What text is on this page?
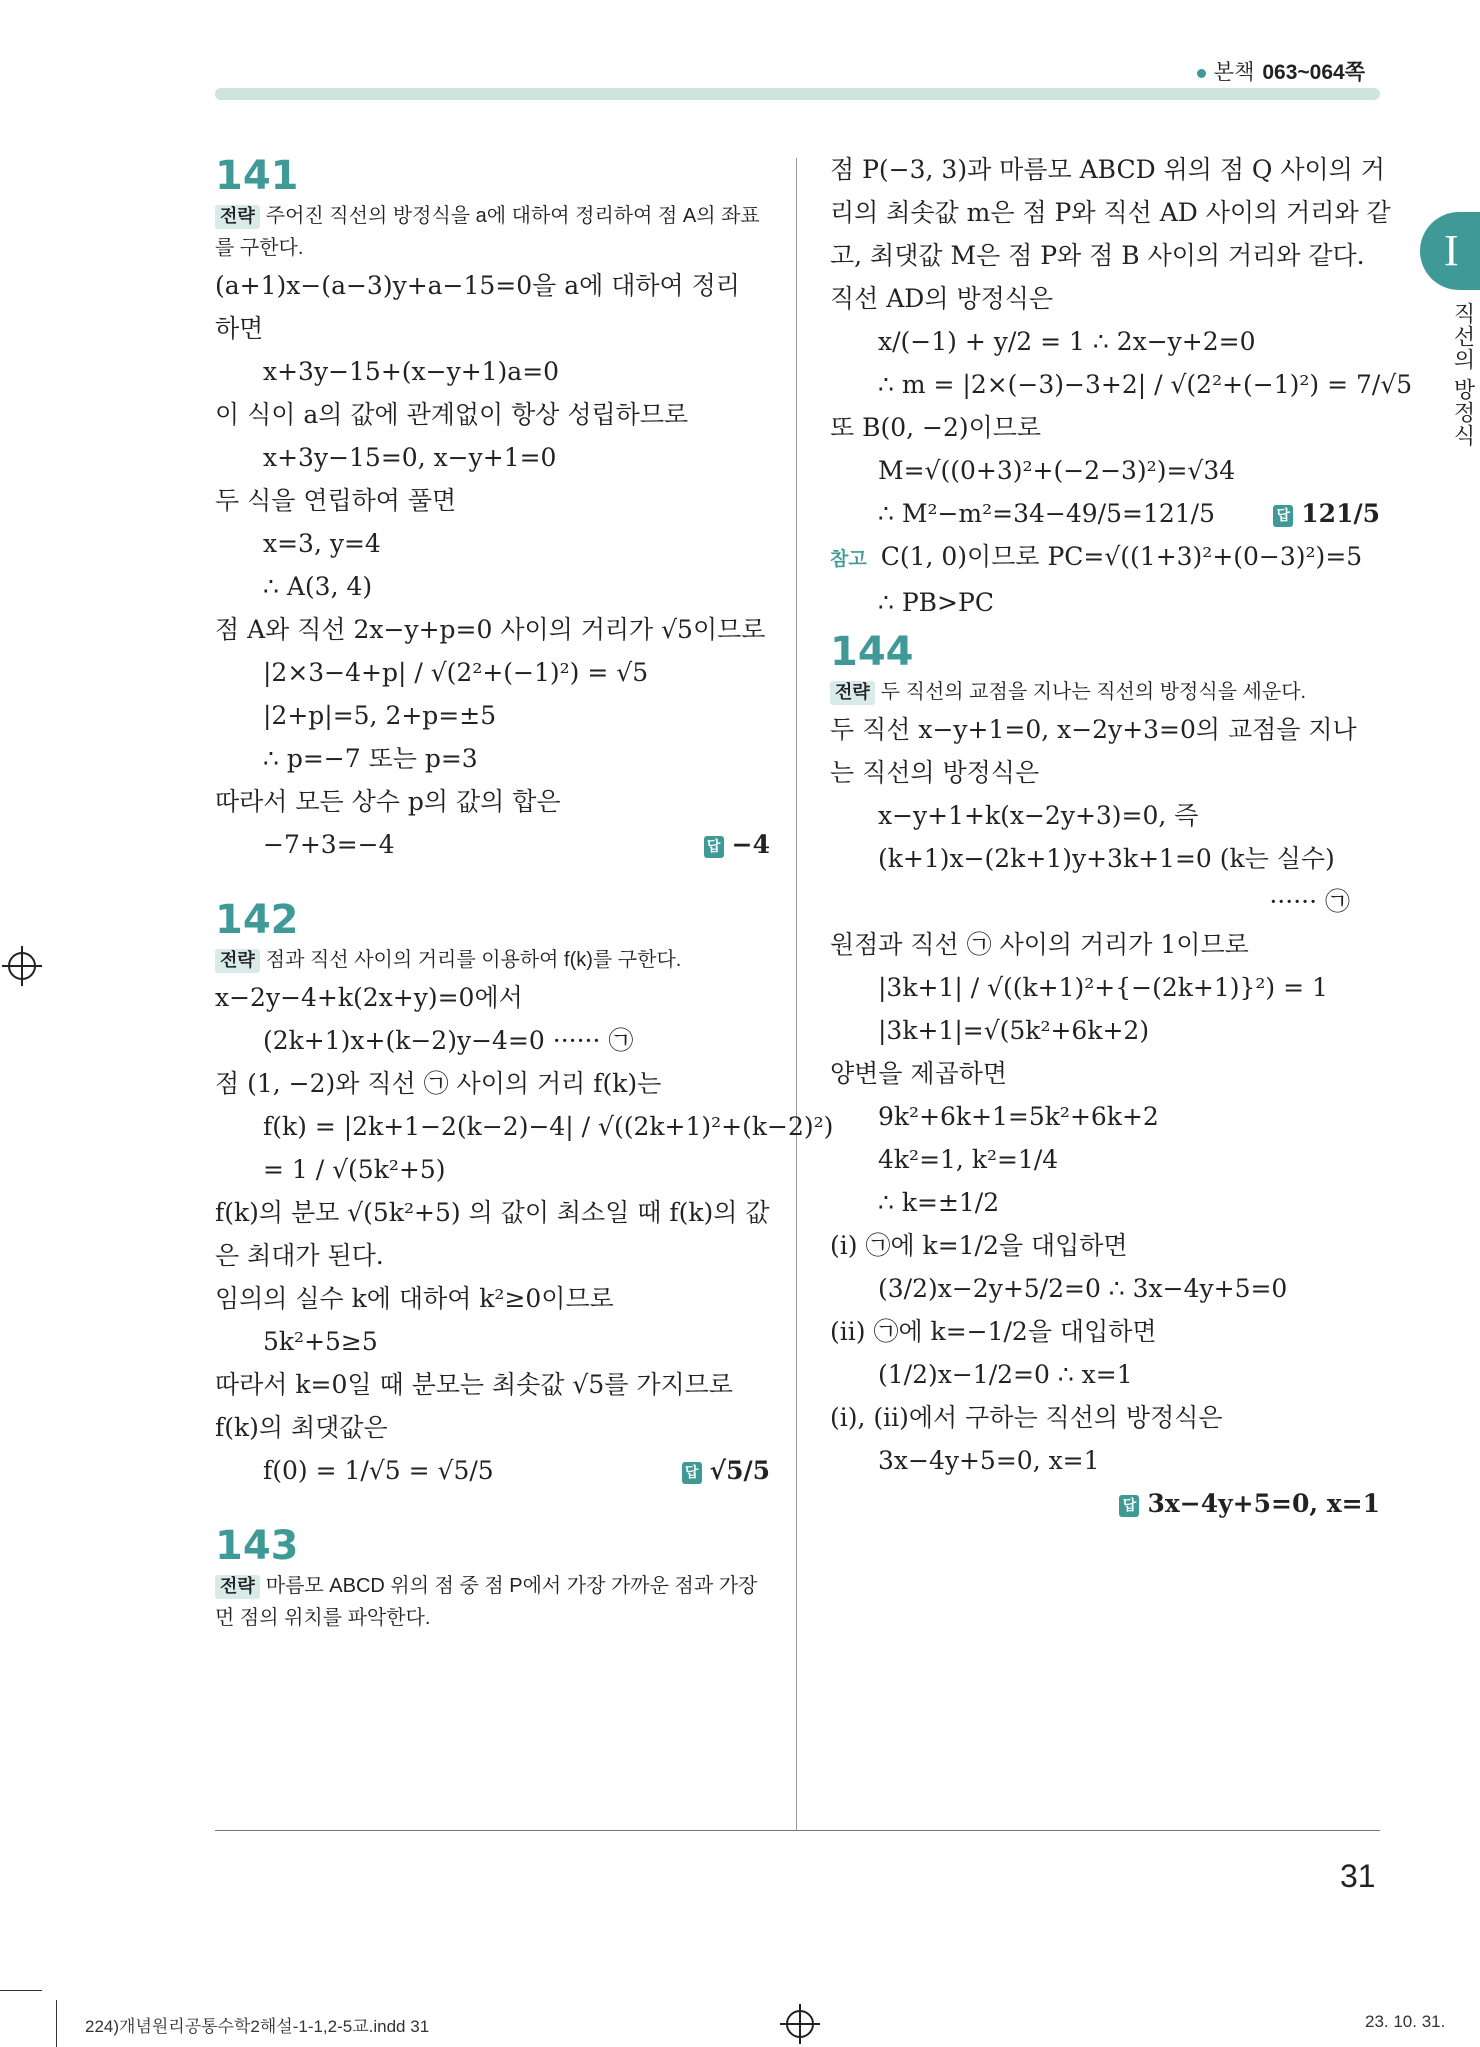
본책 063~064쪽
I
직선의 방정식
141
전략 주어진 직선의 방정식을 a에 대하여 정리하여 점 A의 좌표를 구한다.
(a+1)x−(a−3)y+a−15=0을 a에 대하여 정리
하면
x+3y−15+(x−y+1)a=0
이 식이 a의 값에 관계없이 항상 성립하므로
x+3y−15=0, x−y+1=0
두 식을 연립하여 풀면
x=3, y=4
∴ A(3, 4)
점 A와 직선 2x−y+p=0 사이의 거리가 √5이므로
|2×3−4+p| / √(2²+(−1)²) = √5
|2+p|=5, 2+p=±5
∴ p=−7 또는 p=3
따라서 모든 상수 p의 값의 합은
답 −4
−7+3=−4
142
전략 점과 직선 사이의 거리를 이용하여 f(k)를 구한다.
x−2y−4+k(2x+y)=0에서
(2k+1)x+(k−2)y−4=0 ······ ㉠
점 (1, −2)와 직선 ㉠ 사이의 거리 f(k)는
f(k) = |2k+1−2(k−2)−4| / √((2k+1)²+(k−2)²)
= 1 / √(5k²+5)
f(k)의 분모 √(5k²+5) 의 값이 최소일 때 f(k)의 값
은 최대가 된다.
임의의 실수 k에 대하여 k²≥0이므로
5k²+5≥5
따라서 k=0일 때 분모는 최솟값 √5를 가지므로
f(k)의 최댓값은
답 √5/5
f(0) = 1/√5 = √5/5
143
전략 마름모 ABCD 위의 점 중 점 P에서 가장 가까운 점과 가장 먼 점의 위치를 파악한다.
점 P(−3, 3)과 마름모 ABCD 위의 점 Q 사이의 거
리의 최솟값 m은 점 P와 직선 AD 사이의 거리와 같
고, 최댓값 M은 점 P와 점 B 사이의 거리와 같다.
직선 AD의 방정식은
x/(−1) + y/2 = 1 ∴ 2x−y+2=0
∴ m = |2×(−3)−3+2| / √(2²+(−1)²) = 7/√5
또 B(0, −2)이므로
M=√((0+3)²+(−2−3)²)=√34
답 121/5
∴ M²−m²=34−49/5=121/5
참고 C(1, 0)이므로 PC=√((1+3)²+(0−3)²)=5
∴ PB>PC
144
전략 두 직선의 교점을 지나는 직선의 방정식을 세운다.
두 직선 x−y+1=0, x−2y+3=0의 교점을 지나
는 직선의 방정식은
x−y+1+k(x−2y+3)=0, 즉
(k+1)x−(2k+1)y+3k+1=0 (k는 실수)
······ ㉠
원점과 직선 ㉠ 사이의 거리가 1이므로
|3k+1| / √((k+1)²+{−(2k+1)}²) = 1
|3k+1|=√(5k²+6k+2)
양변을 제곱하면
9k²+6k+1=5k²+6k+2
4k²=1, k²=1/4
∴ k=±1/2
(i) ㉠에 k=1/2을 대입하면
(3/2)x−2y+5/2=0 ∴ 3x−4y+5=0
(ii) ㉠에 k=−1/2을 대입하면
(1/2)x−1/2=0 ∴ x=1
(i), (ii)에서 구하는 직선의 방정식은
3x−4y+5=0, x=1
답 3x−4y+5=0, x=1

31
224)개념원리공통수학2해설-1-1,2-5교.indd 31	23. 10. 31.
